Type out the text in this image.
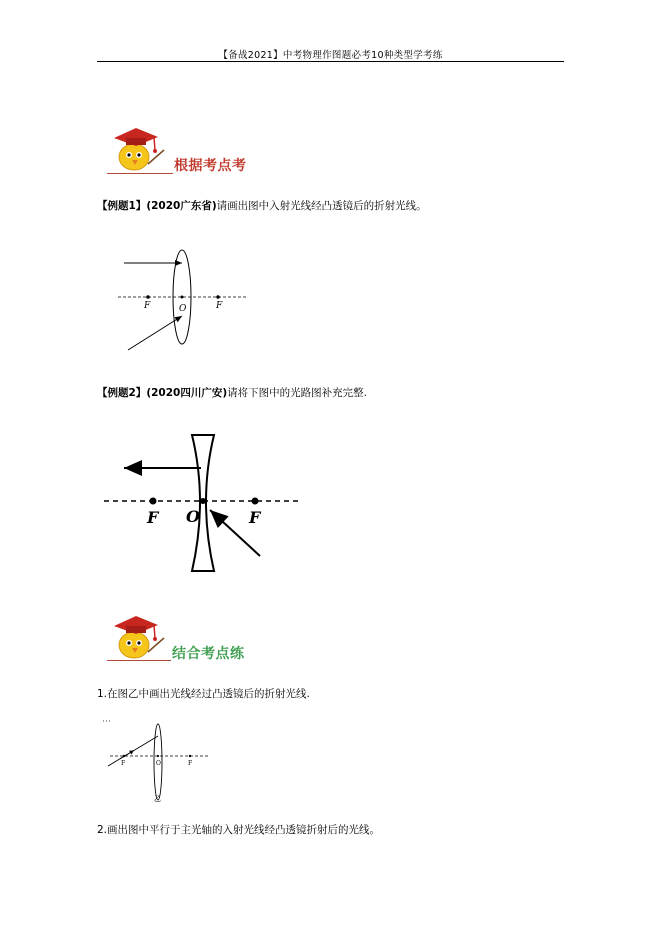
【备战2021】中考物理作图题必考10种类型学考练
根据考点考
【例题1】(2020广东省)请画出图中入射光线经凸透镜后的折射光线。
F	O	F
【例题2】(2020四川广安)请将下图中的光路图补充完整.
F O	F
结合考点练
1.在图乙中画出光线经过凸透镜后的折射光线.
F	O	F
乙
2.画出图中平行于主光轴的入射光线经凸透镜折射后的光线。
